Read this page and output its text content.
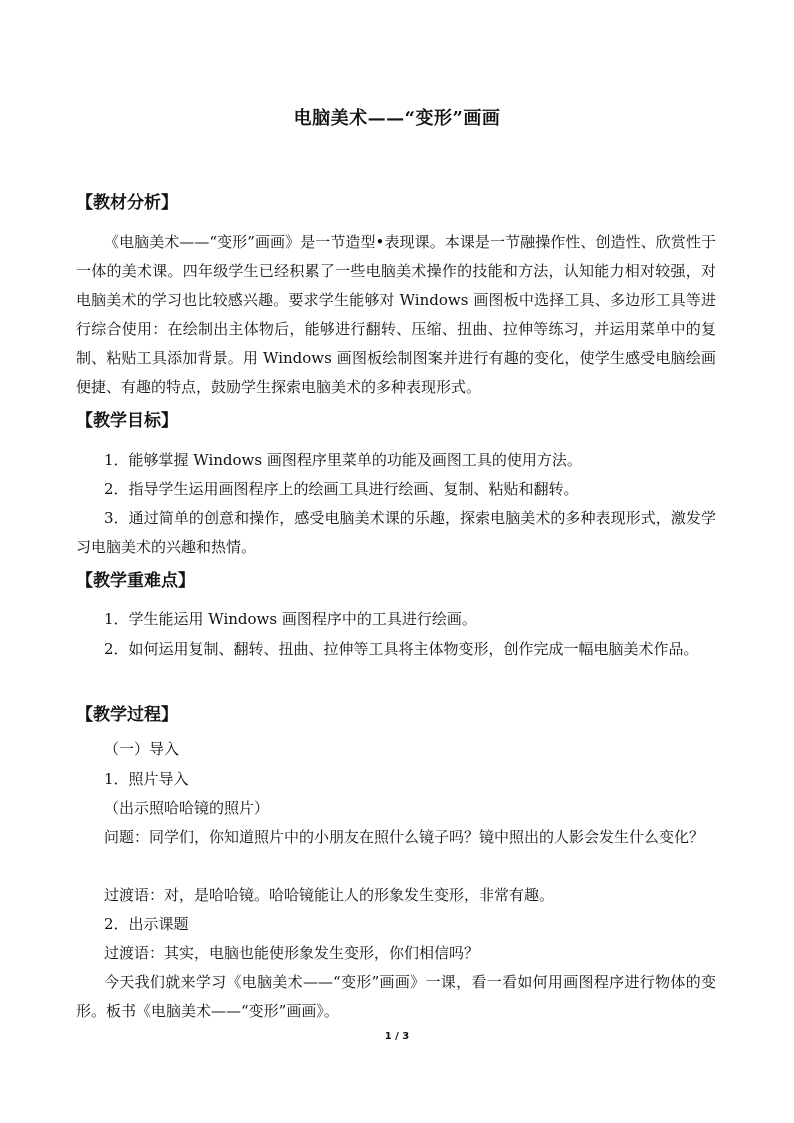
电脑美术——“变形”画画
【教材分析】
《电脑美术——“变形”画画》是一节造型•表现课。本课是一节融操作性、创造性、欣赏性于一体的美术课。四年级学生已经积累了一些电脑美术操作的技能和方法，认知能力相对较强，对电脑美术的学习也比较感兴趣。要求学生能够对 Windows 画图板中选择工具、多边形工具等进行综合使用：在绘制出主体物后，能够进行翻转、压缩、扭曲、拉伸等练习，并运用菜单中的复制、粘贴工具添加背景。用 Windows 画图板绘制图案并进行有趣的变化，使学生感受电脑绘画便捷、有趣的特点，鼓励学生探索电脑美术的多种表现形式。
【教学目标】
1．能够掌握 Windows 画图程序里菜单的功能及画图工具的使用方法。
2．指导学生运用画图程序上的绘画工具进行绘画、复制、粘贴和翻转。
3．通过简单的创意和操作，感受电脑美术课的乐趣，探索电脑美术的多种表现形式，激发学习电脑美术的兴趣和热情。
【教学重难点】
1．学生能运用 Windows 画图程序中的工具进行绘画。
2．如何运用复制、翻转、扭曲、拉伸等工具将主体物变形，创作完成一幅电脑美术作品。
【教学过程】
（一）导入
1．照片导入
（出示照哈哈镜的照片）
问题：同学们，你知道照片中的小朋友在照什么镜子吗？镜中照出的人影会发生什么变化？
过渡语：对，是哈哈镜。哈哈镜能让人的形象发生变形，非常有趣。
2．出示课题
过渡语：其实，电脑也能使形象发生变形，你们相信吗？
今天我们就来学习《电脑美术——“变形”画画》一课，看一看如何用画图程序进行物体的变形。板书《电脑美术——“变形”画画》。
1 / 3
